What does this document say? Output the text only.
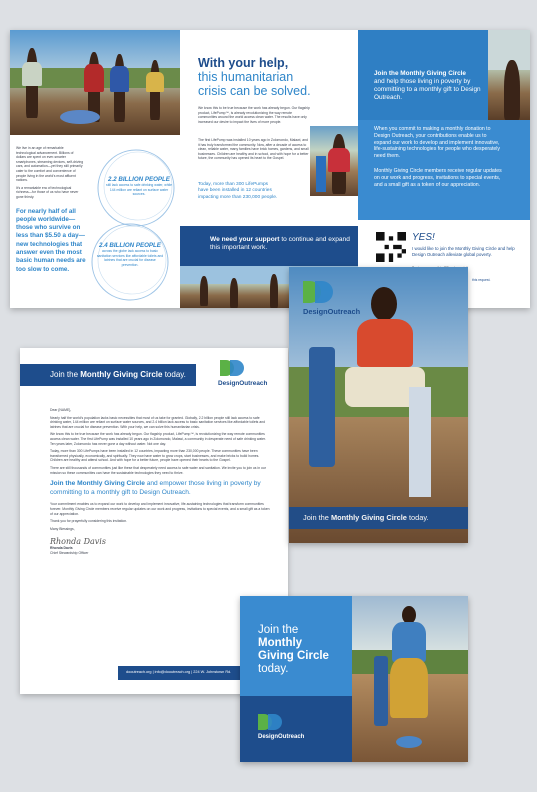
We live in an age of remarkable technological advancement. Billions of dollars are spent on ever-smarter smartphones, streaming devices, self-driving cars, and automation—yet they still primarily cater to the comfort and convenience of people living in the world's most affluent nations.
It's a remarkable era of technological richness—for those of us who have never gone thirsty.
For nearly half of all people worldwide—those who survive on less than $5.50 a day—new technologies that answer even the most basic human needs are too slow to come.
2.2 BILLION PEOPLE
still lack access to safe drinking water, while 144 million are reliant on surface water sources.
2.4 BILLION PEOPLE
across the globe lack access to basic sanitation services like affordable toilets and latrines that are crucial for disease prevention.
With your help,
this humanitarian
crisis can be solved.
We know this to be true because the work has already begun. Our flagship product, LifePump™, is already revolutionizing the way remote communities around the world access clean water. The results have only increased our desire to impact the lives of more people.
The first LifePump was installed 10 years ago in Zolomondo, Malawi, and it has truly transformed the community. Now, after a decade of access to clean, reliable water, many families have brick homes, gardens, and small businesses. Children are healthy and in school, and with hope for a better future, the community has opened its heart to the Gospel.
Today, more than 300 LifePumps
have been installed in 12 countries
impacting more than 230,000 people.
We need your support to continue and expand this important work.
Join the Monthly Giving Circle
and help those living in poverty by committing to a monthly gift to Design Outreach.
When you commit to making a monthly donation to Design Outreach, your contributions enable us to expand our work to develop and implement innovative, life-sustaining technologies for people who desperately need them.
Monthly Giving Circle members receive regular updates on our work and progress, invitations to special events, and a small gift as a token of our appreciation.
YES!
I would like to join the Monthly Giving Circle and help Design Outreach alleviate global poverty.
this request.
Join the Monthly Giving Circle today.
DesignOutreach
Dear {NAME},
Nearly half the world's population lacks basic necessities that most of us take for granted. Globally, 2.2 billion people still lack access to safe drinking water, 144 million are reliant on surface water sources, and 2.4 billion lack access to basic sanitation services like affordable toilets and latrines that are crucial for disease prevention. With your help, we can solve this humanitarian crisis.
We know this to be true because the work has already begun. Our flagship product, LifePump™, is revolutionizing the way remote communities access clean water. The first LifePump was installed 10 years ago in Zolomondo, Malawi, a community in desperate need of safe drinking water. Ten years later, Zolomondo has never gone a day without water. Not one day.
Today, more than 300 LifePumps have been installed in 12 countries, impacting more than 230,000 people. These communities have been transformed physically, economically, and spiritually. They now have water to grow crops, start businesses, and make bricks to build homes. Children are healthy and attend school. And with hope for a better future, people have opened their hearts to the Gospel.
There are still thousands of communities just like these that desperately need access to safe water and sanitation. We invite you to join us in our mission so these communities can have the sustainable technologies they need to thrive.
Join the Monthly Giving Circle and empower those living in poverty by committing to a monthly gift to Design Outreach.
Your commitment enables us to expand our work to develop and implement innovative, life-sustaining technologies that transform communities forever. Monthly Giving Circle members receive regular updates on our work and progress, invitations to special events, and a small gift as a token of our appreciation.
Thank you for prayerfully considering this invitation.
Many Blessings,
Rhonda Davis
Rhonda Davis
Chief Stewardship Officer
dooutreach.org | info@dooutreach.org | 224 W. Johnstown Rd.
DesignOutreach
Join the Monthly Giving Circle today.
Join the
Monthly
Giving Circle
today.
DesignOutreach
